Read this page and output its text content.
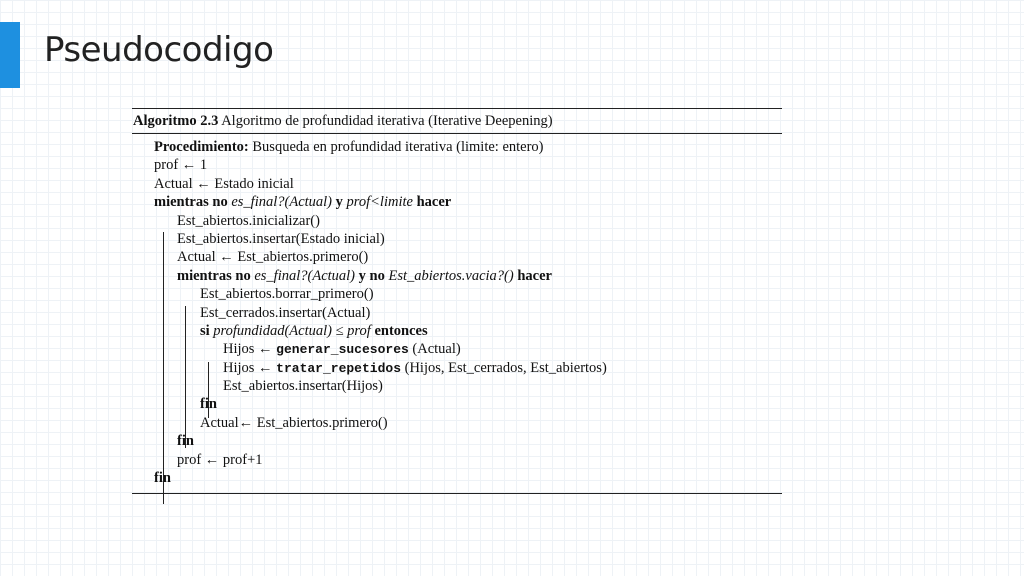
Pseudocodigo
Algoritmo 2.3 Algoritmo de profundidad iterativa (Iterative Deepening)
Procedimiento: Busqueda en profundidad iterativa (limite: entero)
prof ← 1
Actual ← Estado inicial
mientras no es_final?(Actual) y prof<limite hacer
Est_abiertos.inicializar()
Est_abiertos.insertar(Estado inicial)
Actual ← Est_abiertos.primero()
mientras no es_final?(Actual) y no Est_abiertos.vacia?() hacer
Est_abiertos.borrar_primero()
Est_cerrados.insertar(Actual)
si profundidad(Actual) ≤ prof entonces
Hijos ← generar_sucesores (Actual)
Hijos ← tratar_repetidos (Hijos, Est_cerrados, Est_abiertos)
Est_abiertos.insertar(Hijos)
fin
Actual← Est_abiertos.primero()
fin
prof ← prof+1
fin
